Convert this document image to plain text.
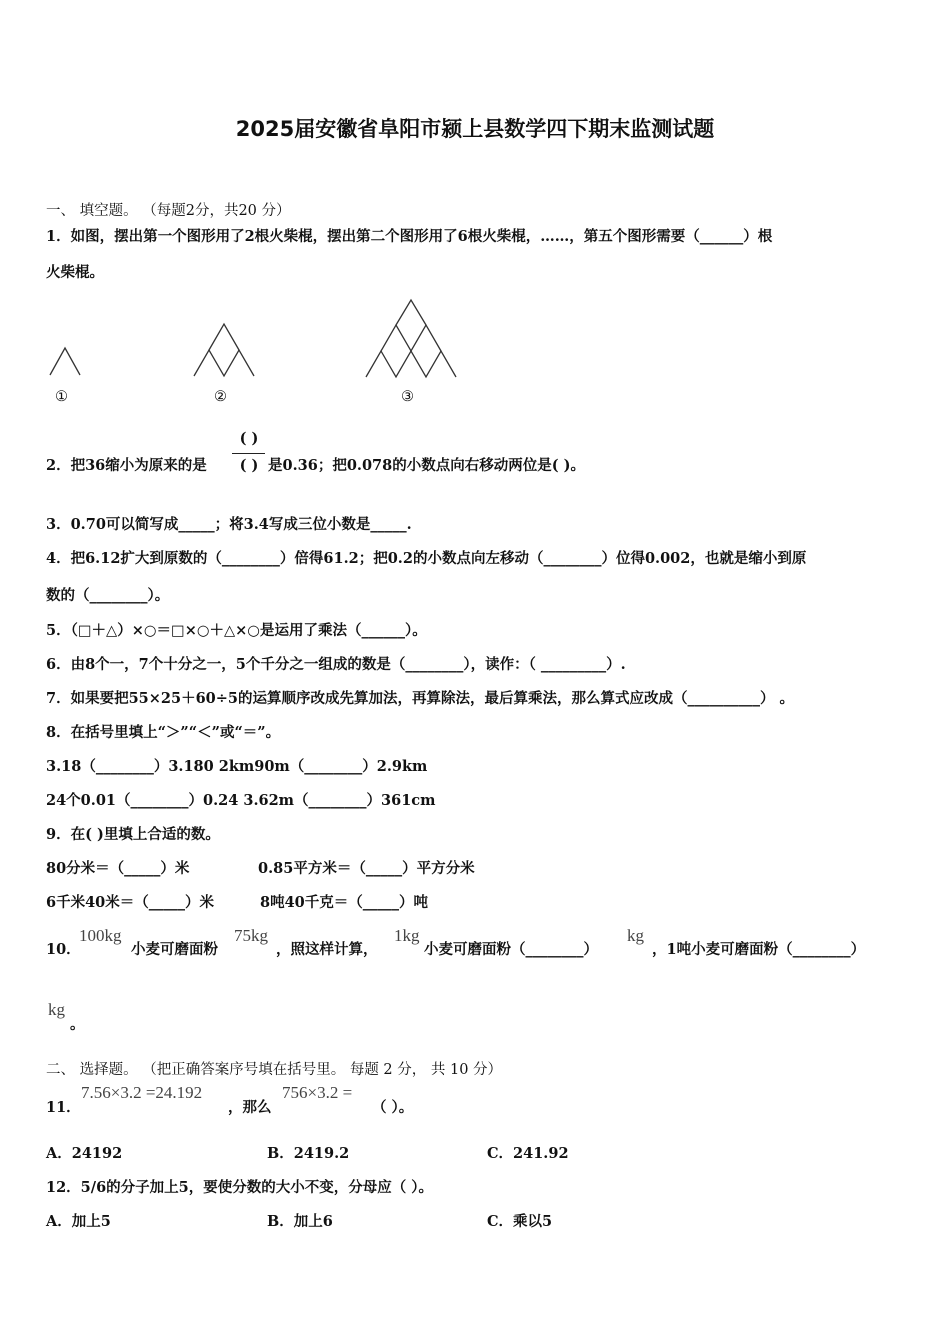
2025届安徽省阜阳市颍上县数学四下期末监测试题
一、 填空题。 （每题2分，共20 分）
1．如图，摆出第一个图形用了2根火柴棍，摆出第二个图形用了6根火柴棍，……，第五个图形需要（______）根
火柴棍。
①	②	③
2．把36缩小为原来的是
( )
( ) 是0.36；把0.078的小数点向右移动两位是( )。
3．0.70可以简写成_____；将3.4写成三位小数是_____.
4．把6.12扩大到原数的（________）倍得61.2；把0.2的小数点向左移动（________）位得0.002，也就是缩小到原
数的（________）。
5．（□＋△）×○＝□×○＋△×○是运用了乘法（______）。
6．由8个一，7个十分之一，5个千分之一组成的数是（________），读作：（ _________）.
7．如果要把55×25＋60÷5的运算顺序改成先算加法，再算除法，最后算乘法，那么算式应改成（__________） 。
8．在括号里填上“＞”“＜”或“＝”。
3.18（________）3.180 2km90m（________）2.9km
24个0.01（________）0.24 3.62m（________）361cm
9．在( )里填上合适的数。
80分米＝（_____）米	0.85平方米＝（_____）平方分米
6千米40米＝（_____）米	8吨40千克＝（_____）吨
10．
100kg
小麦可磨面粉
75kg
，照这样计算，
1kg
小麦可磨面粉（________）
kg
，1吨小麦可磨面粉（________）
kg
。
二、 选择题。 （把正确答案序号填在括号里。 每题 2 分， 共 10 分）
11．
7.56×3.2 =24.192
，那么
756×3.2 =
（ ）。
A．24192	B．2419.2	C．241.92
12．5/6的分子加上5，要使分数的大小不变，分母应（ ）。
A．加上5	B．加上6	C．乘以5
